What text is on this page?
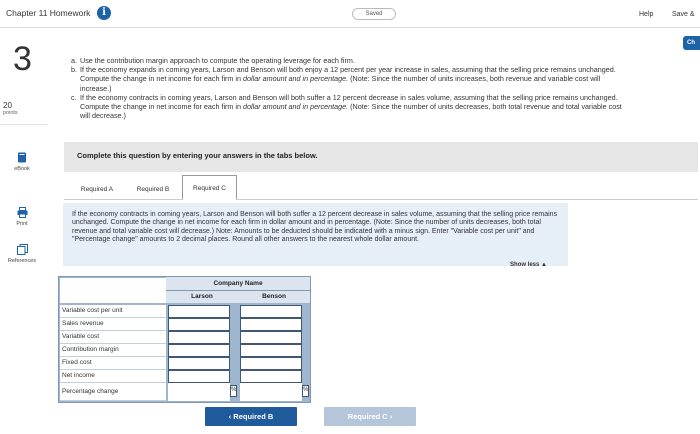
Chapter 11 Homework	i	Saved	Help	Save &
Ch
3
20
points
eBook
Print
References
a. Use the contribution margin approach to compute the operating leverage for each firm.
b. If the economy expands in coming years, Larson and Benson will both enjoy a 12 percent per year increase in sales, assuming that the selling price remains unchanged. Compute the change in net income for each firm in dollar amount and in percentage. (Note: Since the number of units increases, both revenue and variable cost will increase.)
c. If the economy contracts in coming years, Larson and Benson will both suffer a 12 percent decrease in sales volume, assuming that the selling price remains unchanged. Compute the change in net income for each firm in dollar amount and in percentage. (Note: Since the number of units decreases, both total revenue and total variable cost will decrease.)
Complete this question by entering your answers in the tabs below.
Required A	Required B	Required C
If the economy contracts in coming years, Larson and Benson will both suffer a 12 percent decrease in sales volume, assuming that the selling price remains unchanged. Compute the change in net income for each firm in dollar amount and in percentage. (Note: Since the number of units decreases, both total revenue and total variable cost will decrease.) Note: Amounts to be deducted should be indicated with a minus sign. Enter "Variable cost per unit" and "Percentage change" amounts to 2 decimal places. Round all other answers to the nearest whole dollar amount.
Show less ▲
Company Name
Larson	Benson
Variable cost per unit
Sales revenue
Variable cost
Contribution margin
Fixed cost
Net income
Percentage change	%	%
‹ Required B	Required C ›
